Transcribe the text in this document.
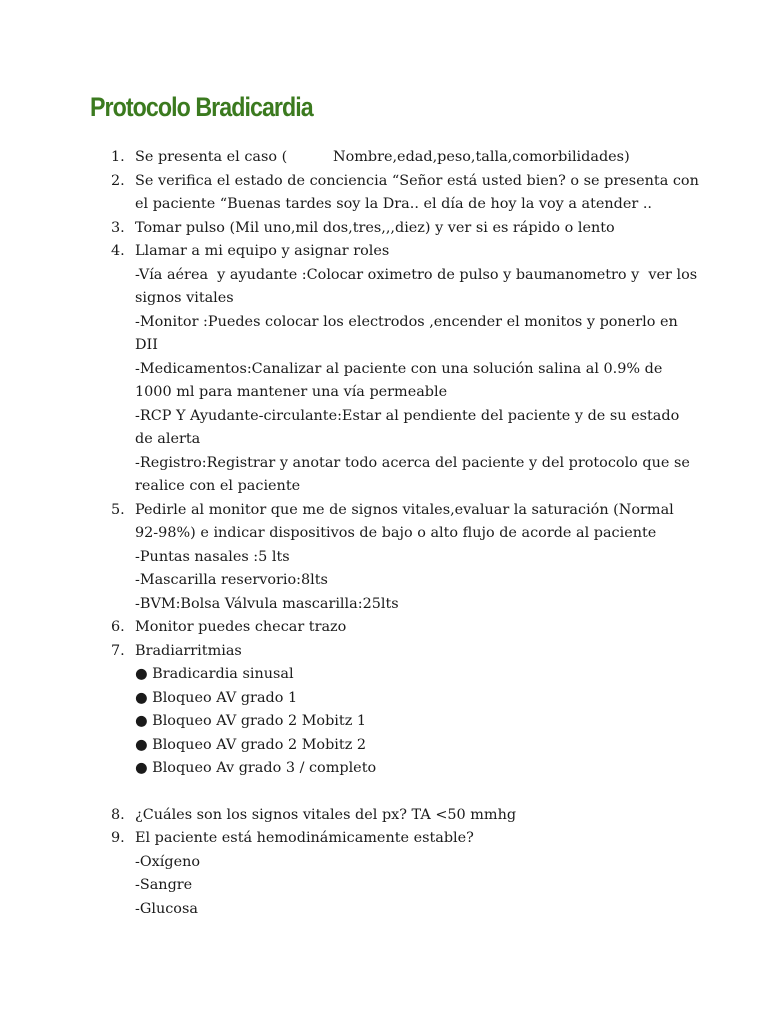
Protocolo Bradicardia
1. Se presenta el caso (          Nombre,edad,peso,talla,comorbilidades)
2. Se verifica el estado de conciencia “Señor está usted bien? o se presenta con
el paciente “Buenas tardes soy la Dra.. el día de hoy la voy a atender ..
3. Tomar pulso (Mil uno,mil dos,tres,,,diez) y ver si es rápido o lento
4. Llamar a mi equipo y asignar roles
-Vía aérea  y ayudante :Colocar oximetro de pulso y baumanometro y  ver los
signos vitales
-Monitor :Puedes colocar los electrodos ,encender el monitos y ponerlo en
DII
-Medicamentos:Canalizar al paciente con una solución salina al 0.9% de
1000 ml para mantener una vía permeable
-RCP Y Ayudante-circulante:Estar al pendiente del paciente y de su estado
de alerta
-Registro:Registrar y anotar todo acerca del paciente y del protocolo que se
realice con el paciente
5. Pedirle al monitor que me de signos vitales,evaluar la saturación (Normal
92-98%) e indicar dispositivos de bajo o alto flujo de acorde al paciente
-Puntas nasales :5 lts
-Mascarilla reservorio:8lts
-BVM:Bolsa Válvula mascarilla:25lts
6. Monitor puedes checar trazo
7. Bradiarritmias
● Bradicardia sinusal
● Bloqueo AV grado 1
● Bloqueo AV grado 2 Mobitz 1
● Bloqueo AV grado 2 Mobitz 2
● Bloqueo Av grado 3 / completo
8. ¿Cuáles son los signos vitales del px? TA <50 mmhg
9. El paciente está hemodinámicamente estable?
-Oxígeno
-Sangre
-Glucosa
